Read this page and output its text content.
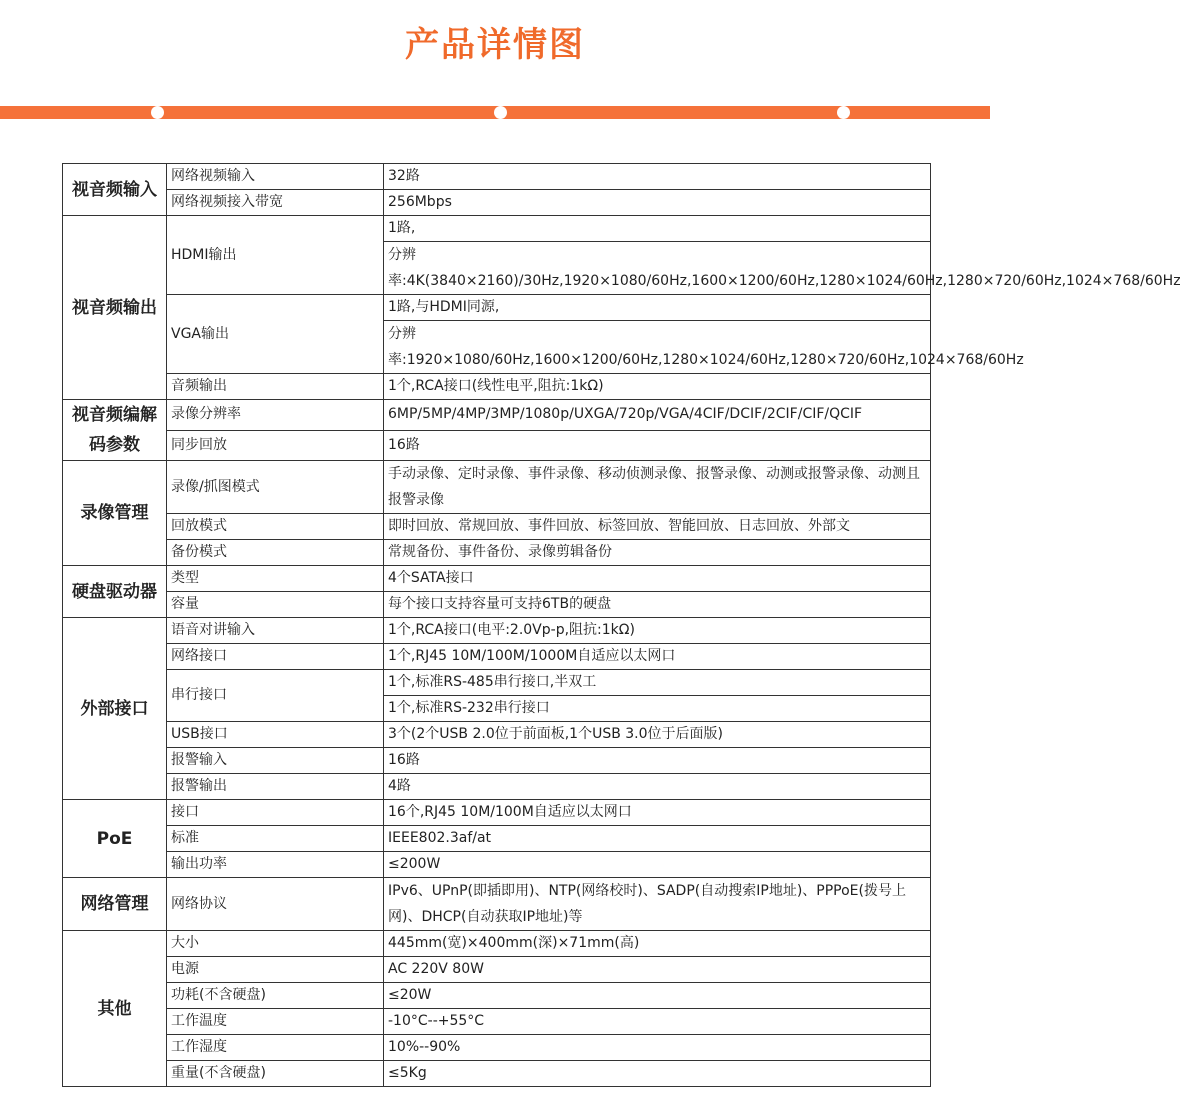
产品详情图
视音频输入	网络视频输入	32路
	网络视频接入带宽	256Mbps
视音频输出	HDMI输出	1路,
		分辨率:4K(3840×2160)/30Hz,1920×1080/60Hz,1600×1200/60Hz,1280×1024/60Hz,1280×720/60Hz,1024×768/60Hz
	VGA输出	1路,与HDMI同源,
		分辨率:1920×1080/60Hz,1600×1200/60Hz,1280×1024/60Hz,1280×720/60Hz,1024×768/60Hz
	音频输出	1个,RCA接口(线性电平,阻抗:1kΩ)
视音频编解码参数	录像分辨率	6MP/5MP/4MP/3MP/1080p/UXGA/720p/VGA/4CIF/DCIF/2CIF/CIF/QCIF
	同步回放	16路
录像管理	录像/抓图模式	手动录像、定时录像、事件录像、移动侦测录像、报警录像、动测或报警录像、动测且报警录像
	回放模式	即时回放、常规回放、事件回放、标签回放、智能回放、日志回放、外部文
	备份模式	常规备份、事件备份、录像剪辑备份
硬盘驱动器	类型	4个SATA接口
	容量	每个接口支持容量可支持6TB的硬盘
外部接口	语音对讲输入	1个,RCA接口(电平:2.0Vp-p,阻抗:1kΩ)
	网络接口	1个,RJ45 10M/100M/1000M自适应以太网口
	串行接口	1个,标准RS-485串行接口,半双工
		1个,标准RS-232串行接口
	USB接口	3个(2个USB 2.0位于前面板,1个USB 3.0位于后面版)
	报警输入	16路
	报警输出	4路
PoE	接口	16个,RJ45 10M/100M自适应以太网口
	标准	IEEE802.3af/at
	输出功率	≤200W
网络管理	网络协议	IPv6、UPnP(即插即用)、NTP(网络校时)、SADP(自动搜索IP地址)、PPPoE(拨号上网)、DHCP(自动获取IP地址)等
其他	大小	445mm(宽)×400mm(深)×71mm(高)
	电源	AC 220V 80W
	功耗(不含硬盘)	≤20W
	工作温度	-10°C--+55°C
	工作湿度	10%--90%
	重量(不含硬盘)	≤5Kg
